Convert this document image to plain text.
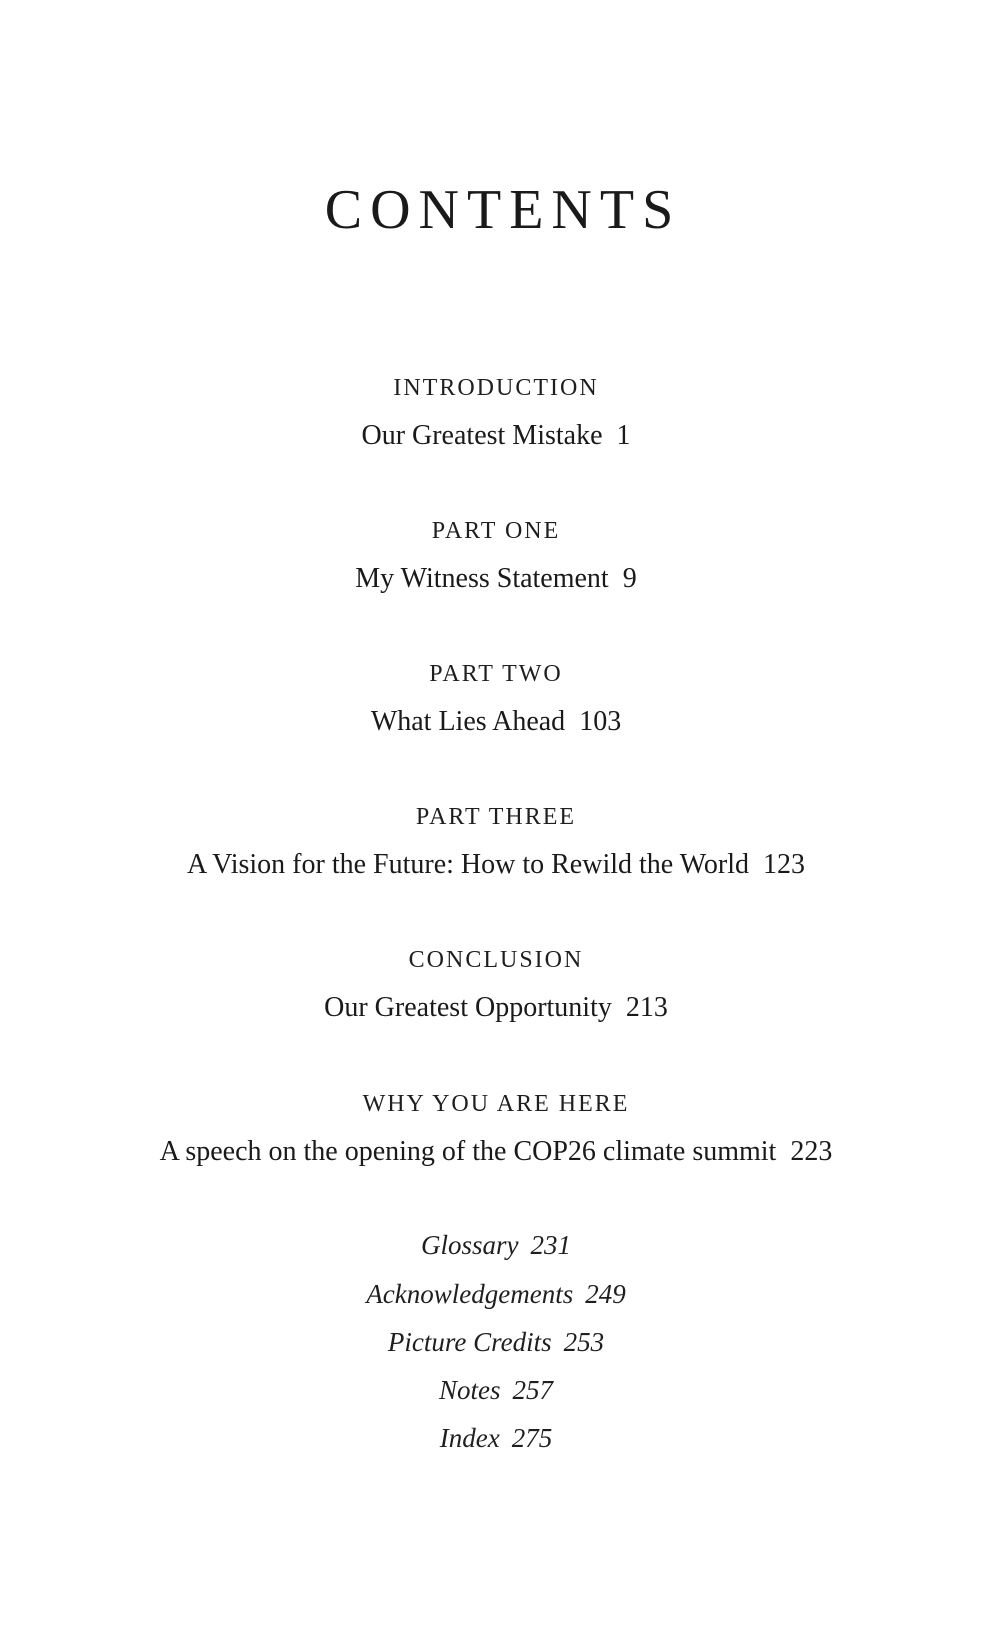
CONTENTS
INTRODUCTION
Our Greatest Mistake 1
PART ONE
My Witness Statement 9
PART TWO
What Lies Ahead 103
PART THREE
A Vision for the Future: How to Rewild the World 123
CONCLUSION
Our Greatest Opportunity 213
WHY YOU ARE HERE
A speech on the opening of the COP26 climate summit 223
Glossary 231
Acknowledgements 249
Picture Credits 253
Notes 257
Index 275
